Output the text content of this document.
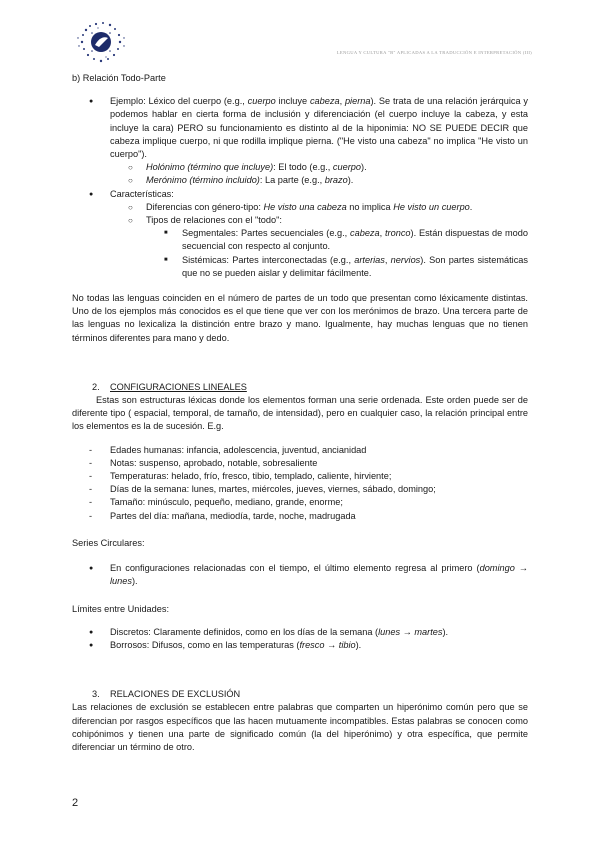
LENGUA Y CULTURA "B" APLICADAS A LA TRADUCCIÓN E INTERPRETACIÓN (III)

b) Relación Todo-Parte

● Ejemplo: Léxico del cuerpo (e.g., cuerpo incluye cabeza, pierna). Se trata de una relación jerárquica y podemos hablar en cierta forma de inclusión y diferenciación (el cuerpo incluye la cabeza, y esta incluye la cara) PERO su funcionamiento es distinto al de la hiponimia: NO SE PUEDE DECIR que cabeza implique cuerpo, ni que rodilla implique pierna. ("He visto una cabeza" no implica "He visto un cuerpo").
○ Holónimo (término que incluye): El todo (e.g., cuerpo).
○ Merónimo (término incluido): La parte (e.g., brazo).
● Características:
○ Diferencias con género-tipo: He visto una cabeza no implica He visto un cuerpo.
○ Tipos de relaciones con el "todo":
■ Segmentales: Partes secuenciales (e.g., cabeza, tronco). Están dispuestas de modo secuencial con respecto al conjunto.
■ Sistémicas: Partes interconectadas (e.g., arterias, nervios). Son partes sistemáticas que no se pueden aislar y delimitar fácilmente.

No todas las lenguas coinciden en el número de partes de un todo que presentan como léxicamente distintas. Uno de los ejemplos más conocidos es el que tiene que ver con los merónimos de brazo. Una tercera parte de las lenguas no lexicaliza la distinción entre brazo y mano. Igualmente, hay muchas lenguas que no tienen términos diferentes para mano y dedo.

2. CONFIGURACIONES LINEALES

Estas son estructuras léxicas donde los elementos forman una serie ordenada. Este orden puede ser de diferente tipo ( espacial, temporal, de tamaño, de intensidad), pero en cualquier caso, la relación principal entre los elementos es la de sucesión. E.g.

- Edades humanas: infancia, adolescencia, juventud, ancianidad
- Notas: suspenso, aprobado, notable, sobresaliente
- Temperaturas: helado, frío, fresco, tibio, templado, caliente, hirviente;
- Días de la semana: lunes, martes, miércoles, jueves, viernes, sábado, domingo;
- Tamaño: minúsculo, pequeño, mediano, grande, enorme;
- Partes del día: mañana, mediodía, tarde, noche, madrugada

Series Circulares:

● En configuraciones relacionadas con el tiempo, el último elemento regresa al primero (domingo → lunes).

Límites entre Unidades:

● Discretos: Claramente definidos, como en los días de la semana (lunes → martes).
● Borrosos: Difusos, como en las temperaturas (fresco → tibio).
3. RELACIONES DE EXCLUSIÓN

Las relaciones de exclusión se establecen entre palabras que comparten un hiperónimo común pero que se diferencian por rasgos específicos que las hacen mutuamente incompatibles. Estas palabras se conocen como cohipónimos y tienen una parte de significado común (la del hiperónimo) y otra específica, que permite diferenciar un término de otro.

2
